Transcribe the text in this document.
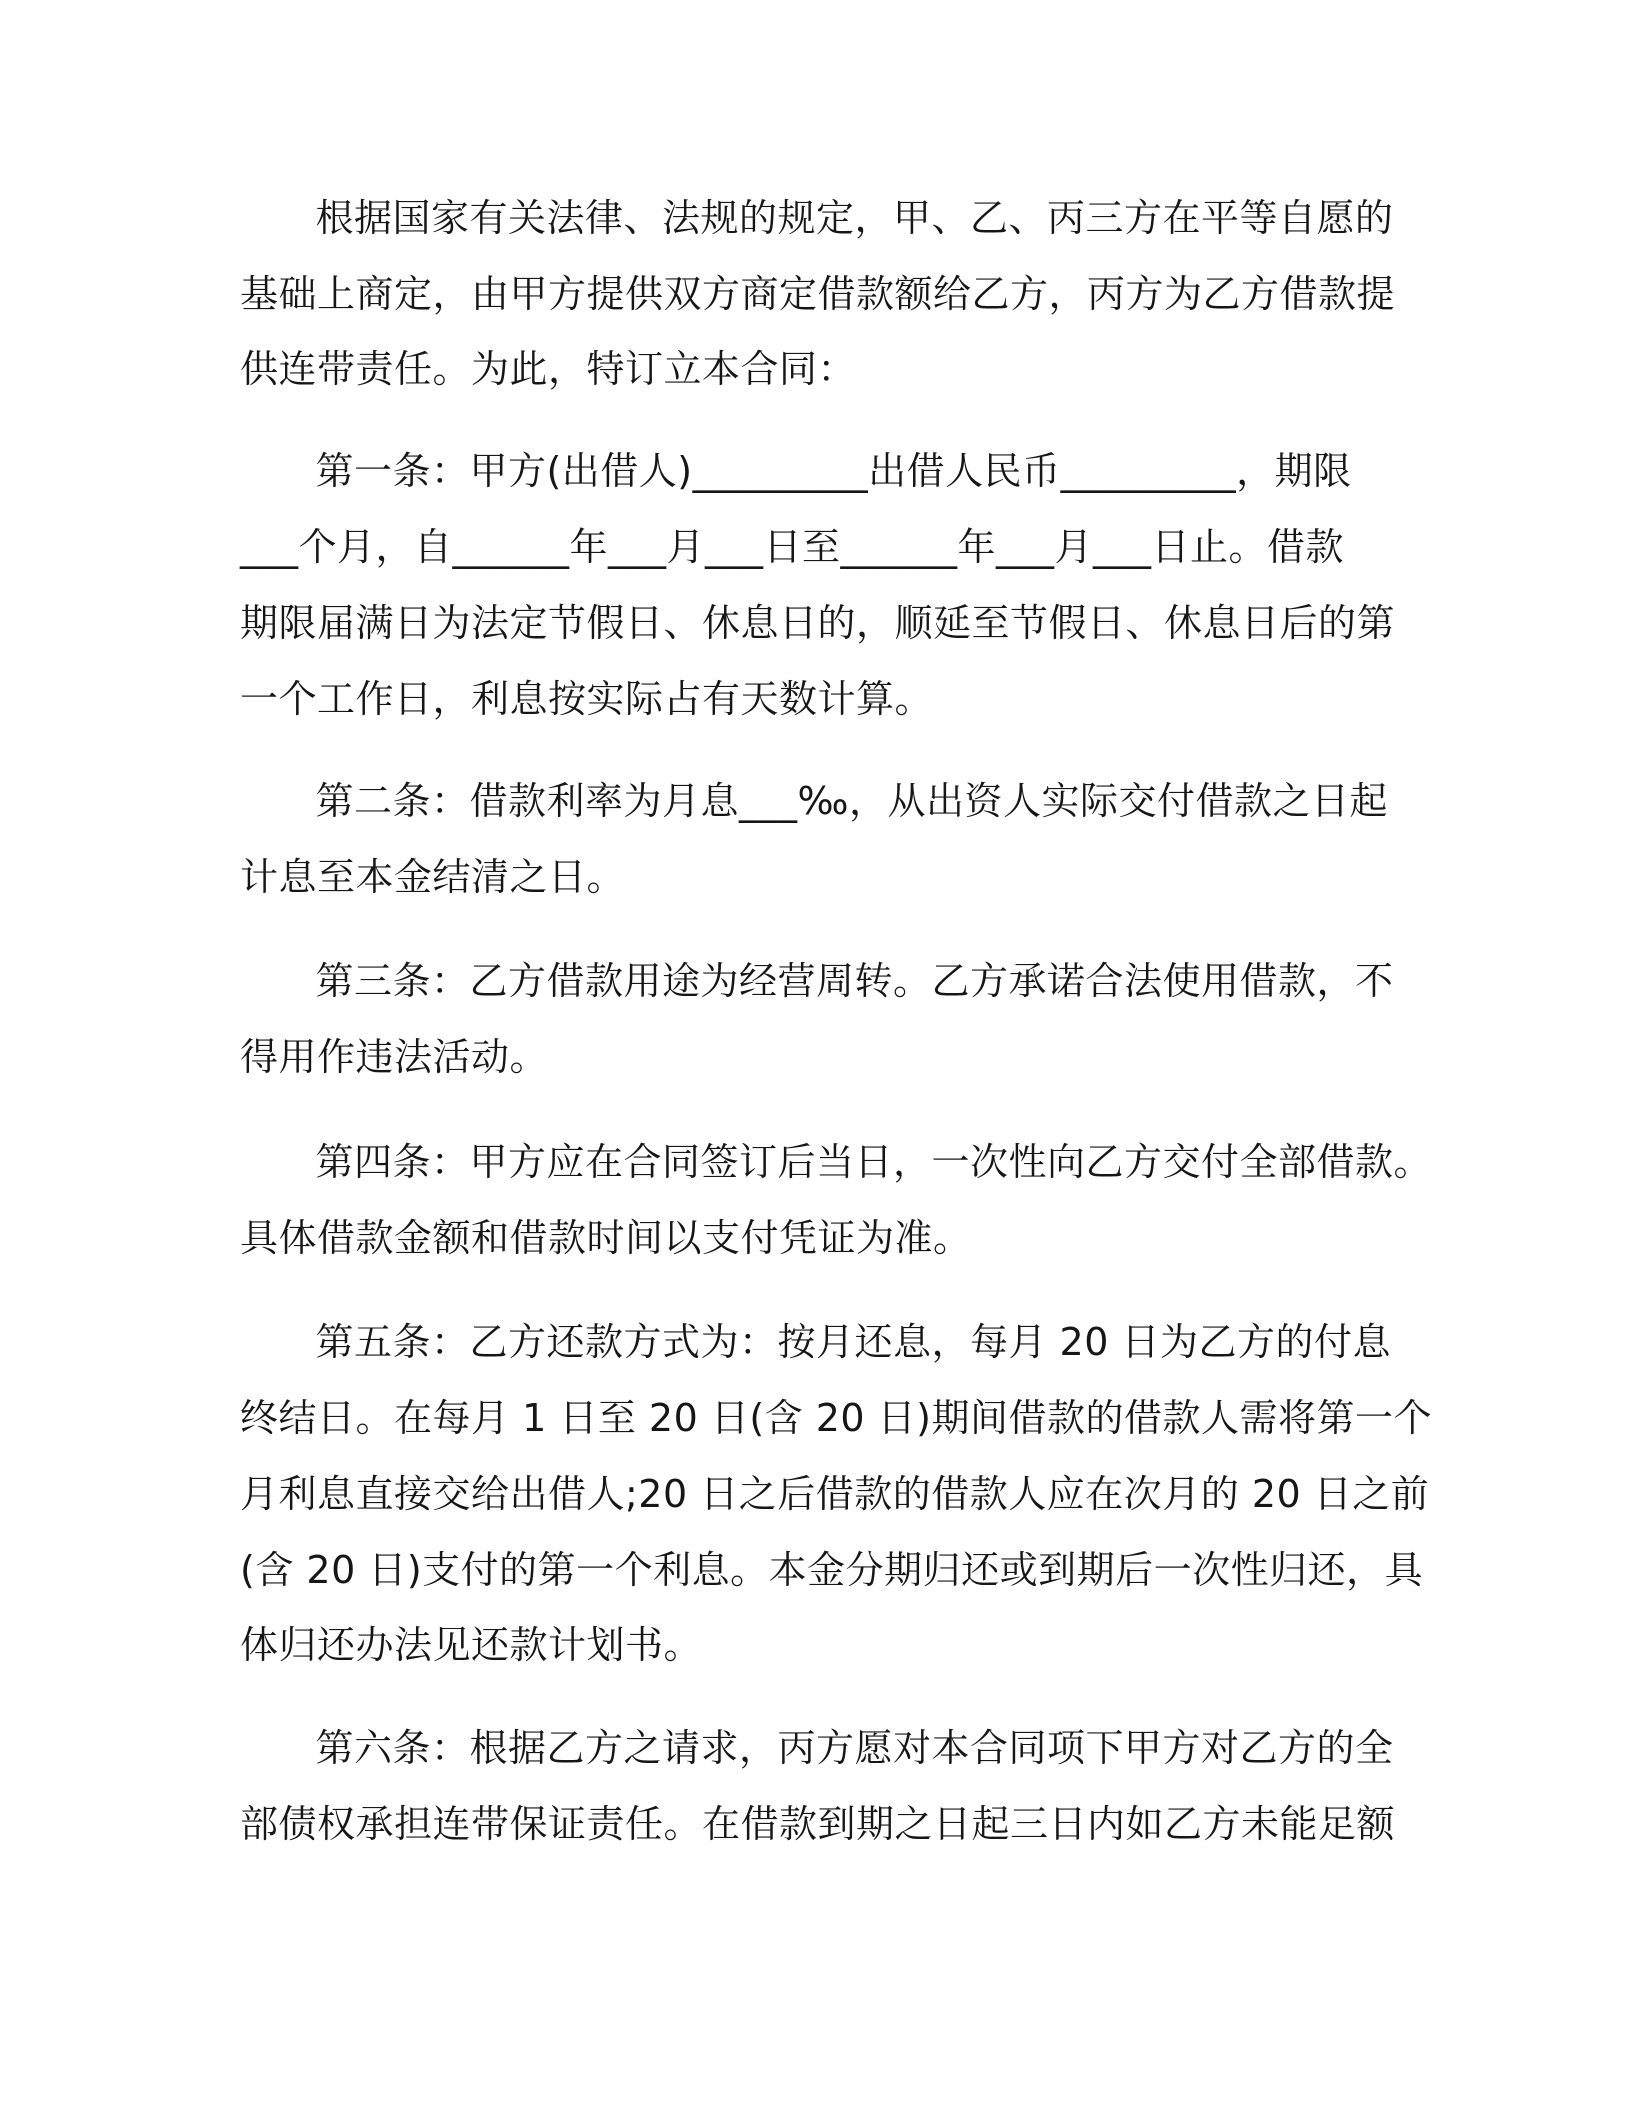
根据国家有关法律、法规的规定，甲、乙、丙三方在平等自愿的
基础上商定，由甲方提供双方商定借款额给乙方，丙方为乙方借款提
供连带责任。为此，特订立本合同：
第一条：甲方(出借人)_________出借人民币_________，期限
___个月，自______年___月___日至______年___月___日止。借款
期限届满日为法定节假日、休息日的，顺延至节假日、休息日后的第
一个工作日，利息按实际占有天数计算。
第二条：借款利率为月息___‰，从出资人实际交付借款之日起
计息至本金结清之日。
第三条：乙方借款用途为经营周转。乙方承诺合法使用借款，不
得用作违法活动。
第四条：甲方应在合同签订后当日，一次性向乙方交付全部借款。
具体借款金额和借款时间以支付凭证为准。
第五条：乙方还款方式为：按月还息，每月 20 日为乙方的付息
终结日。在每月 1 日至 20 日(含 20 日)期间借款的借款人需将第一个
月利息直接交给出借人;20 日之后借款的借款人应在次月的 20 日之前
(含 20 日)支付的第一个利息。本金分期归还或到期后一次性归还，具
体归还办法见还款计划书。
第六条：根据乙方之请求，丙方愿对本合同项下甲方对乙方的全
部债权承担连带保证责任。在借款到期之日起三日内如乙方未能足额
